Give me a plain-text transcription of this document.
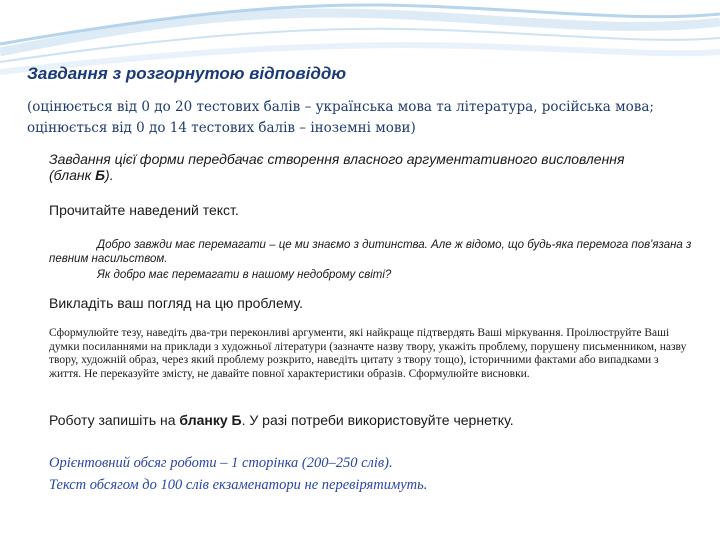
Завдання з розгорнутою відповіддю
(оцінюється від 0 до 20 тестових балів – українська мова та література, російська мова;
оцінюється від 0 до 14 тестових балів – іноземні мови)

Завдання цієї форми передбачає створення власного аргументативного висловлення (бланк Б).

Прочитайте наведений текст.

Добро завжди має перемагати – це ми знаємо з дитинства. Але ж відомо, що будь-яка перемога пов'язана з певним насильством.
Як добро має перемагати в нашому недоброму світі?

Викладіть ваш погляд на цю проблему.

Сформулюйте тезу, наведіть два-три переконливі аргументи, які найкраще підтвердять Ваші міркування. Проілюструйте Ваші думки посиланнями на приклади з художньої літератури (зазначте назву твору, укажіть проблему, порушену письменником, назву твору, художній образ, через який проблему розкрито, наведіть цитату з твору тощо), історичними фактами або випадками з життя. Не переказуйте змісту, не давайте повної характеристики образів. Сформулюйте висновки.

Роботу запишіть на бланку Б. У разі потреби використовуйте чернетку.

Орієнтовний обсяг роботи – 1 сторінка (200–250 слів).
Текст обсягом до 100 слів екзаменатори не перевірятимуть.
